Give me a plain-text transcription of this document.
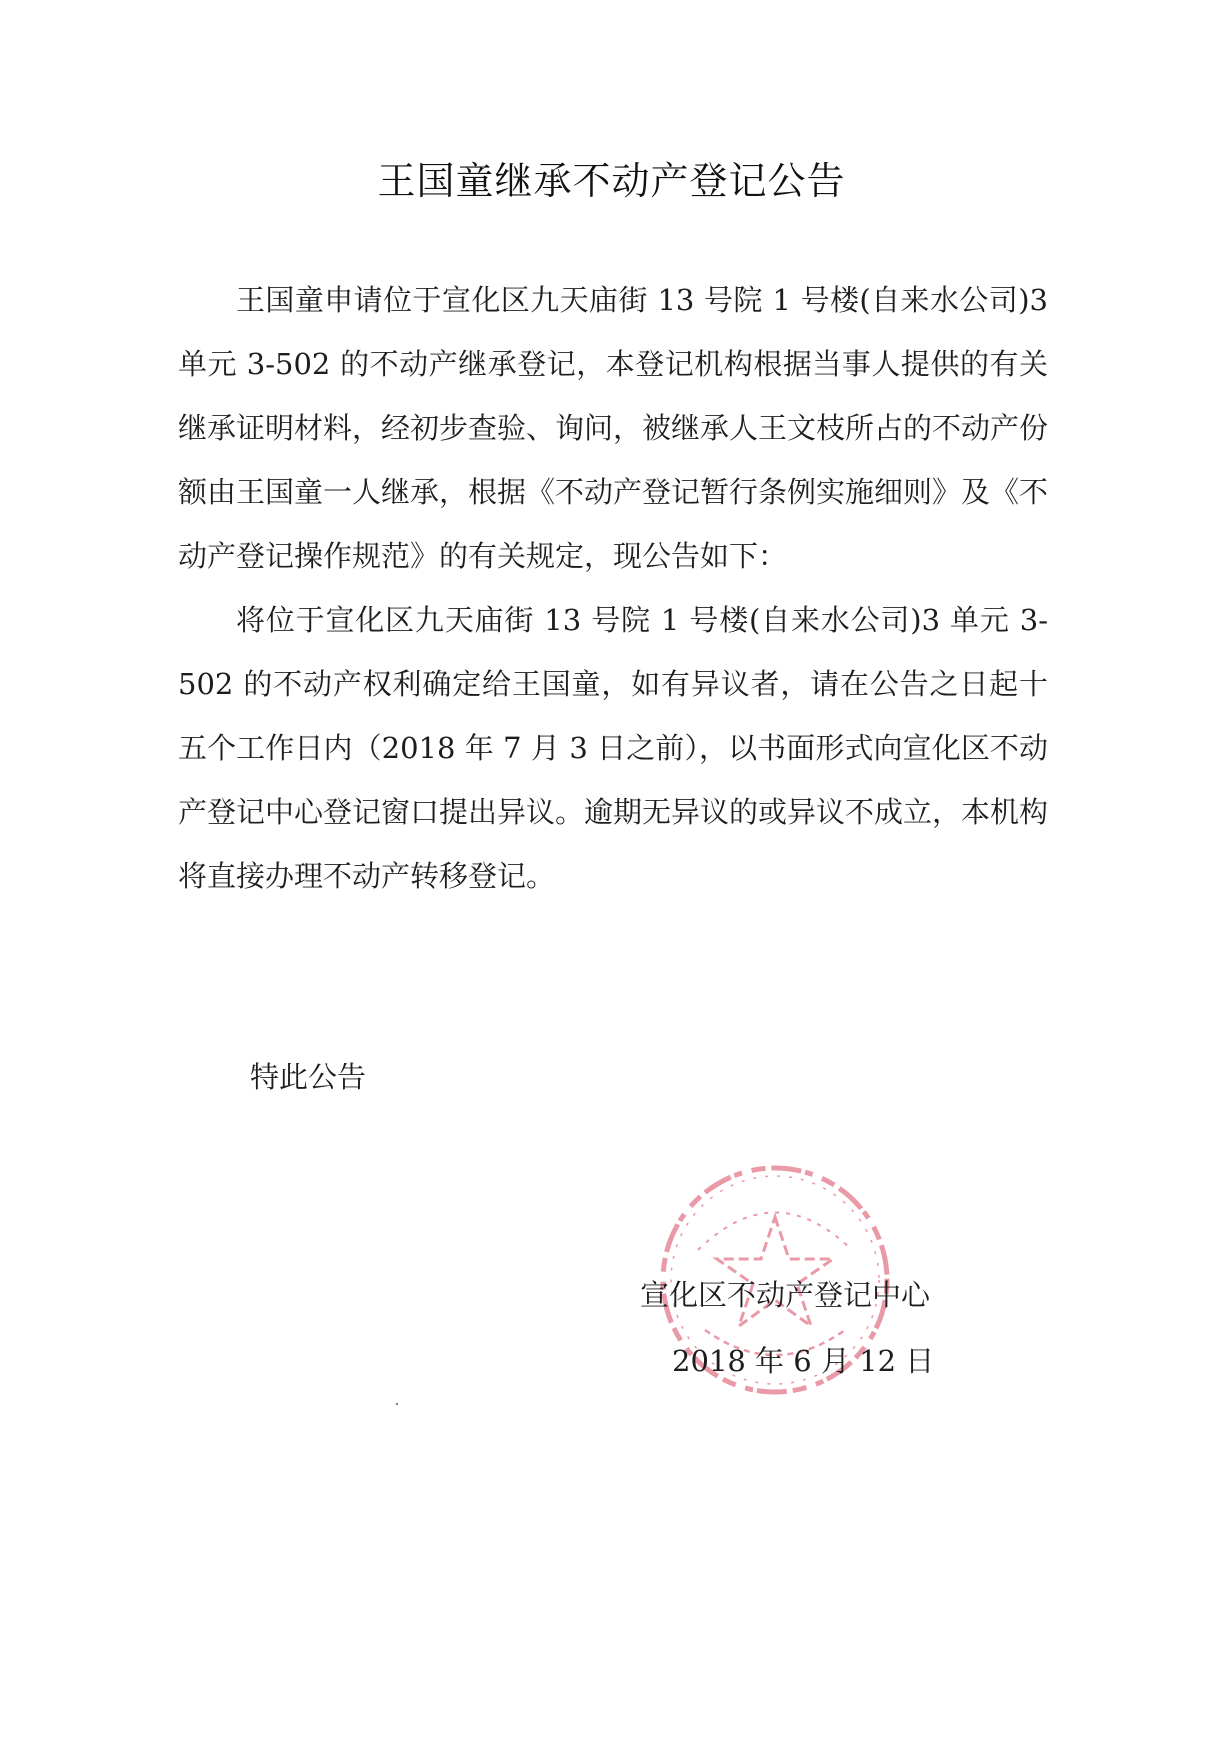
王国童继承不动产登记公告

王国童申请位于宣化区九天庙街 13 号院 1 号楼(自来水公司)3 单元 3-502 的不动产继承登记，本登记机构根据当事人提供的有关继承证明材料，经初步查验、询问，被继承人王文枝所占的不动产份额由王国童一人继承，根据《不动产登记暂行条例实施细则》及《不动产登记操作规范》的有关规定，现公告如下：

将位于宣化区九天庙街 13 号院 1 号楼(自来水公司)3 单元 3-502 的不动产权利确定给王国童，如有异议者，请在公告之日起十五个工作日内（2018 年 7 月 3 日之前），以书面形式向宣化区不动产登记中心登记窗口提出异议。逾期无异议的或异议不成立，本机构将直接办理不动产转移登记。

特此公告
宣化区不动产登记中心
2018 年 6 月 12 日
